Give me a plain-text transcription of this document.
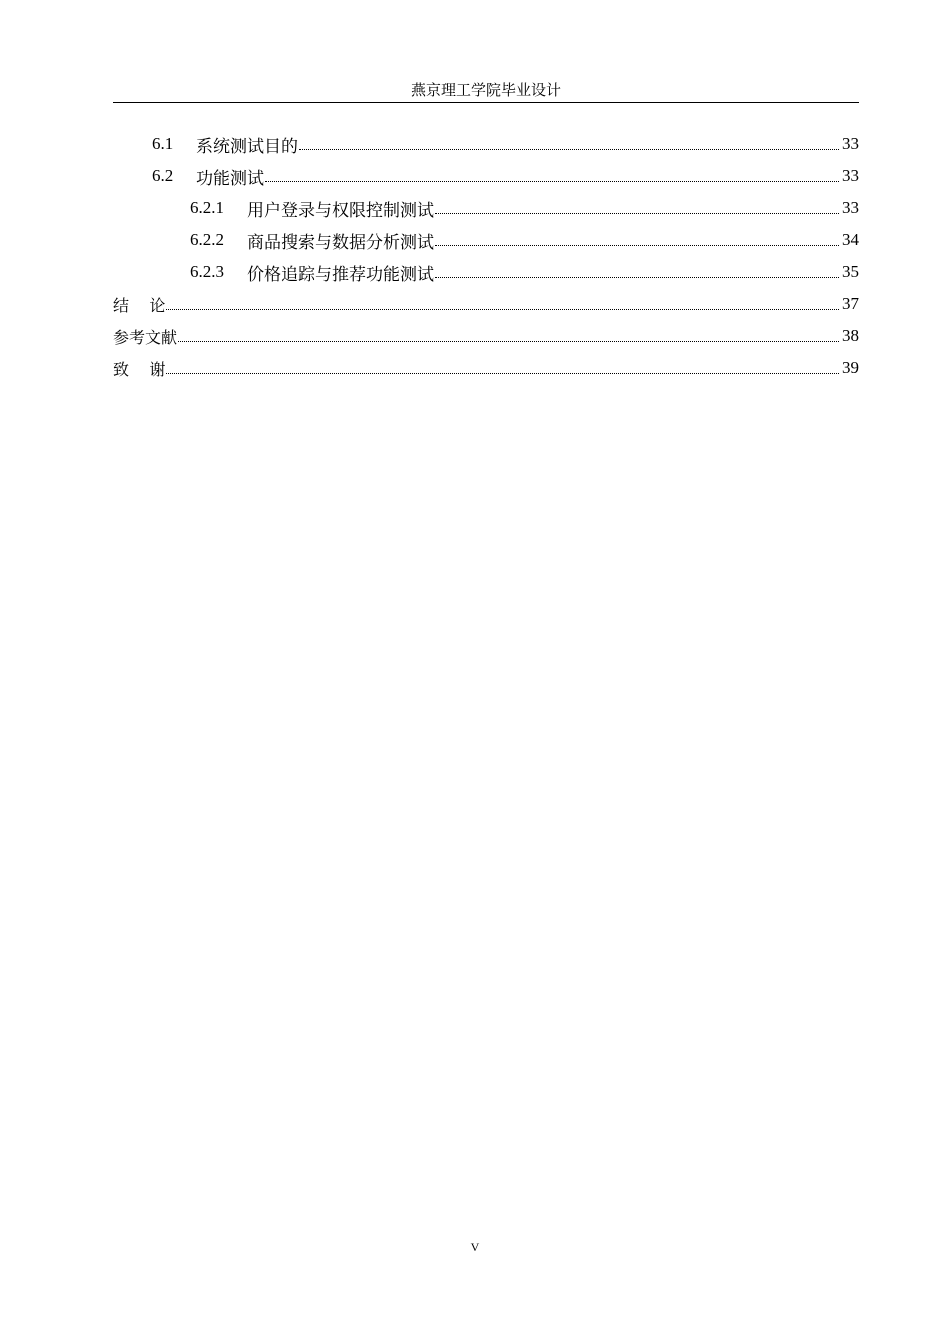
燕京理工学院毕业设计
6.1	系统测试目的	33
6.2	功能测试	33
6.2.1	用户登录与权限控制测试	33
6.2.2	商品搜索与数据分析测试	34
6.2.3	价格追踪与推荐功能测试	35
结    论	37
参考文献	38
致    谢	39
V
